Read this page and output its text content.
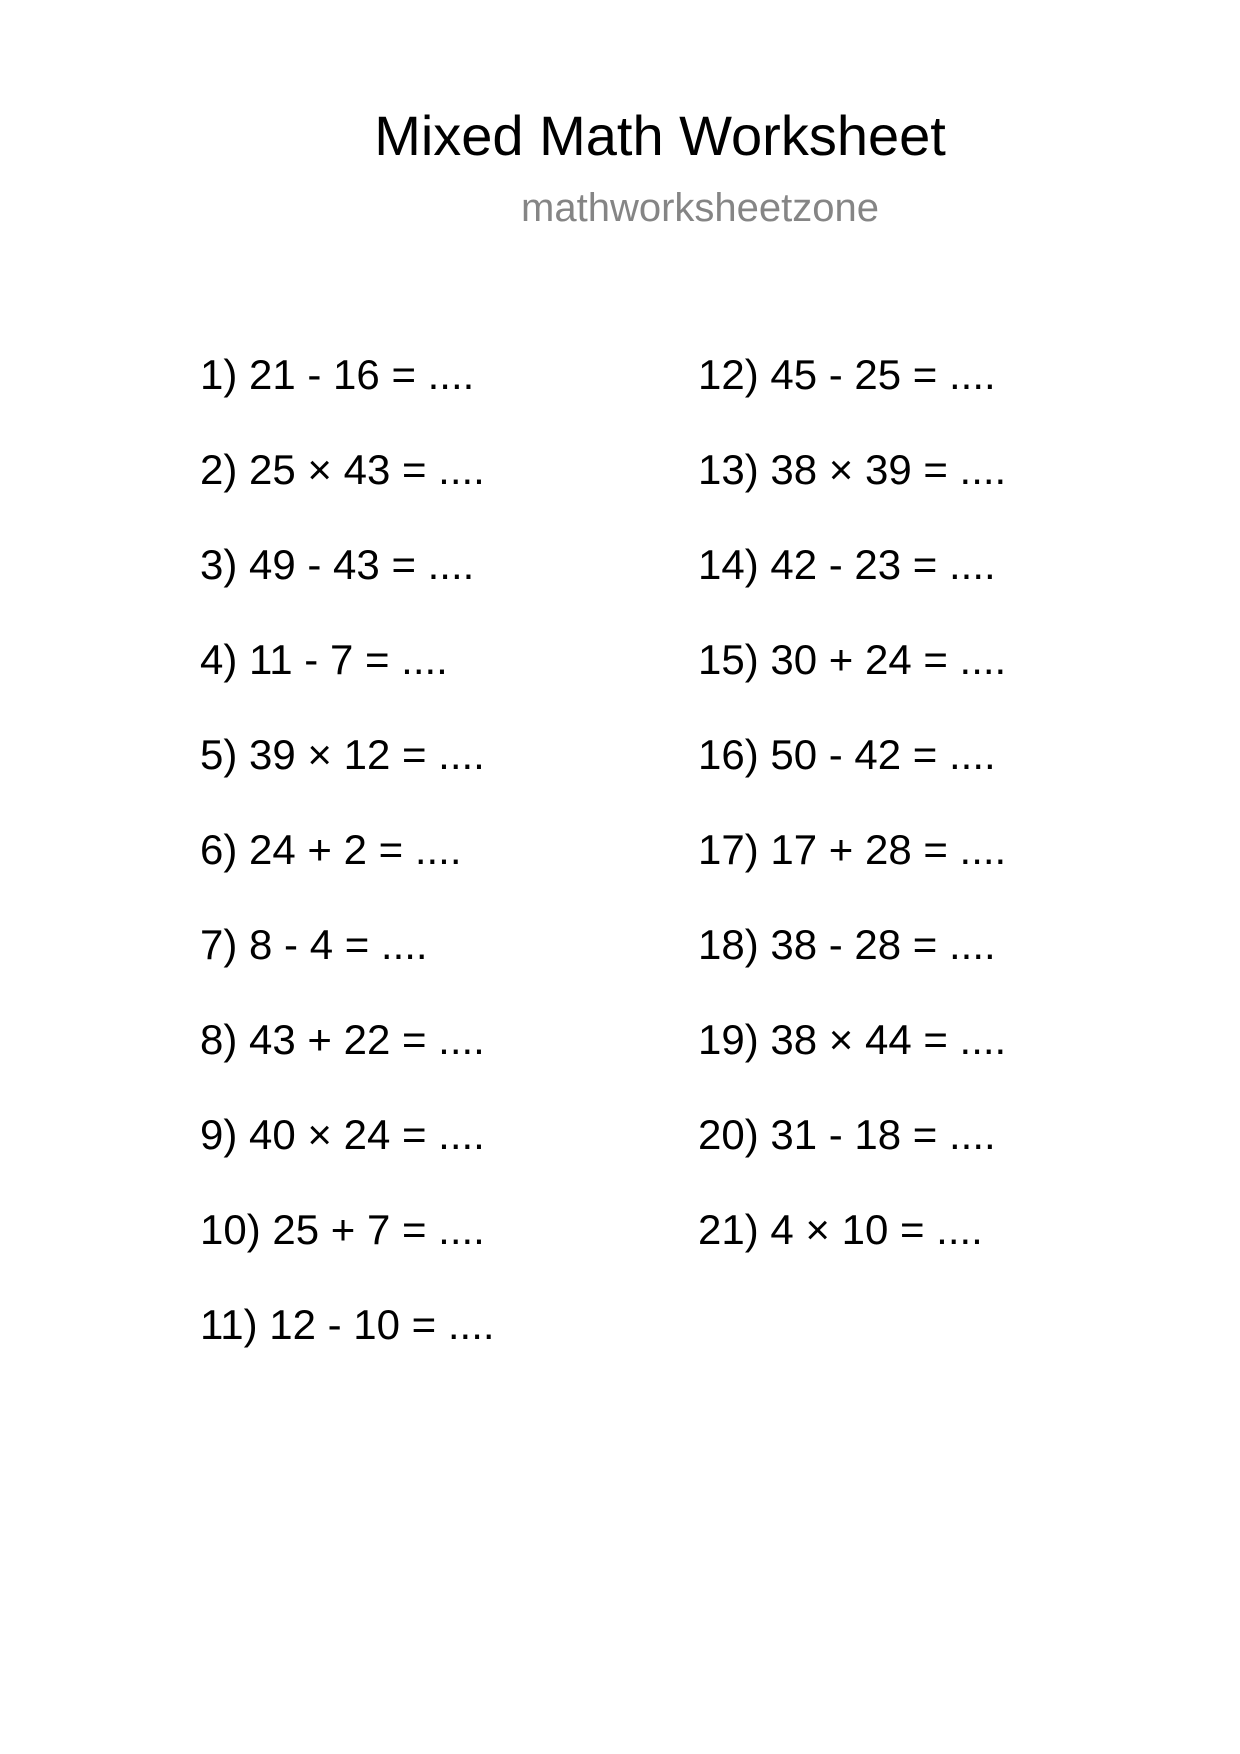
Mixed Math Worksheet
mathworksheetzone
1) 21 - 16 = ....
2) 25 × 43 = ....
3) 49 - 43 = ....
4) 11 - 7 = ....
5) 39 × 12 = ....
6) 24 + 2 = ....
7) 8 - 4 = ....
8) 43 + 22 = ....
9) 40 × 24 = ....
10) 25 + 7 = ....
11) 12 - 10 = ....
12) 45 - 25 = ....
13) 38 × 39 = ....
14) 42 - 23 = ....
15) 30 + 24 = ....
16) 50 - 42 = ....
17) 17 + 28 = ....
18) 38 - 28 = ....
19) 38 × 44 = ....
20) 31 - 18 = ....
21) 4 × 10 = ....
